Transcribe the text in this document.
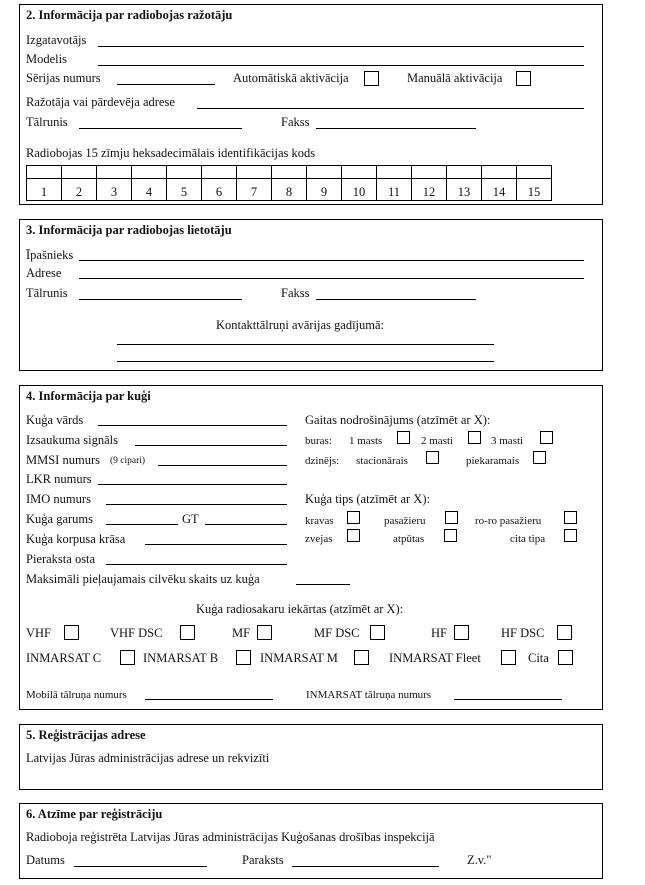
2. Informācija par radiobojas ražotāju
Izgatavotājs
Modelis
Sērijas numurs	Automātiskā aktivācija	Manuālā aktivācija
Ražotāja vai pārdevēja adrese
Tālrunis	Fakss
Radiobojas 15 zīmju heksadecimālais identifikācijas kods
1	2	3	4	5	6	7	8	9	10	11	12	13	14	15
3. Informācija par radiobojas lietotāju
Īpašnieks
Adrese
Tālrunis	Fakss
Kontakttālruņi avārijas gadījumā:
4. Informācija par kuģi
Kuģa vārds
Izsaukuma signāls
MMSI numurs (9 cipari)
LKR numurs
IMO numurs
Kuģa garums	GT
Kuģa korpusa krāsa
Pieraksta osta
Maksimāli pieļaujamais cilvēku skaits uz kuģa
Gaitas nodrošinājums (atzīmēt ar X):
buras: 1 masts	2 masti	3 masti
dzinējs: stacionārais	piekaramais
Kuģa tips (atzīmēt ar X):
kravas	pasažieru	ro-ro pasažieru
zvejas	atpūtas	cita tipa
Kuģa radiosakaru iekārtas (atzīmēt ar X):
VHF	VHF DSC	MF	MF DSC	HF	HF DSC
INMARSAT C	INMARSAT B	INMARSAT M	INMARSAT Fleet	Cita
Mobilā tālruņa numurs	INMARSAT tālruņa numurs
5. Reģistrācijas adrese
Latvijas Jūras administrācijas adrese un rekvizīti
6. Atzīme par reģistrāciju
Radioboja reģistrēta Latvijas Jūras administrācijas Kuģošanas drošības inspekcijā
Datums	Paraksts	Z.v."
